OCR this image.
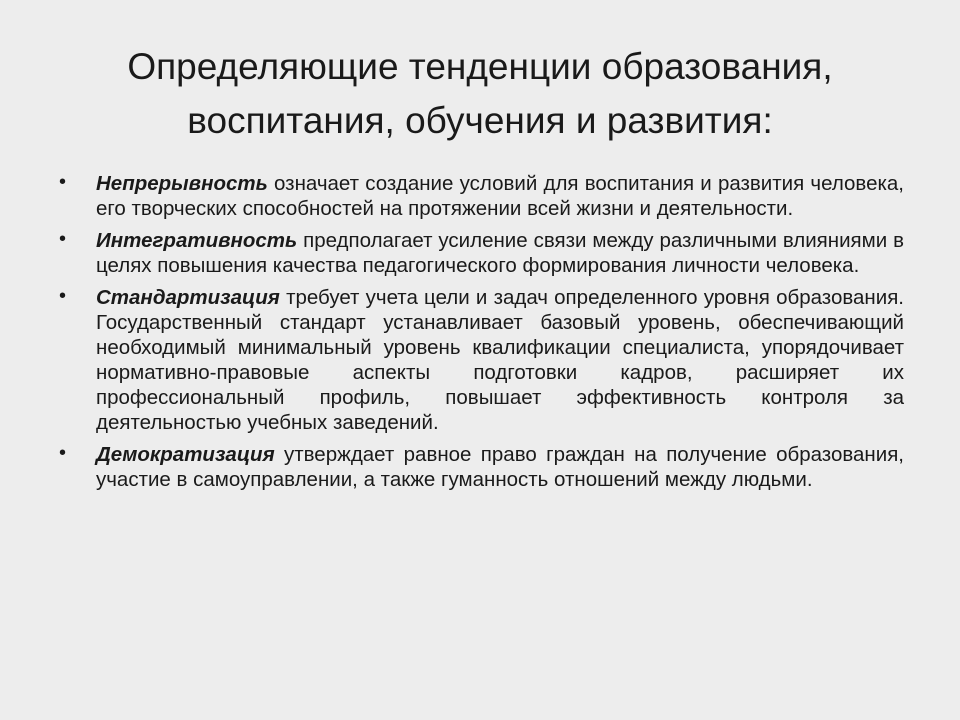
Определяющие тенденции образования,
воспитания, обучения и развития:
• Непрерывность означает создание условий для воспитания и развития человека, его творческих способностей на протяжении всей жизни и деятельности.
• Интегративность предполагает усиление связи между различными влияниями в целях повышения качества педагогического формирования личности человека.
• Стандартизация требует учета цели и задач определенного уровня образования. Государственный стандарт устанавливает базовый уровень, обеспечивающий необходимый минимальный уровень квалификации специалиста, упорядочивает нормативно-правовые аспекты подготовки кадров, расширяет их профессиональный профиль, повышает эффективность контроля за деятельностью учебных заведений.
• Демократизация утверждает равное право граждан на получение образования, участие в самоуправлении, а также гуманность отношений между людьми.
